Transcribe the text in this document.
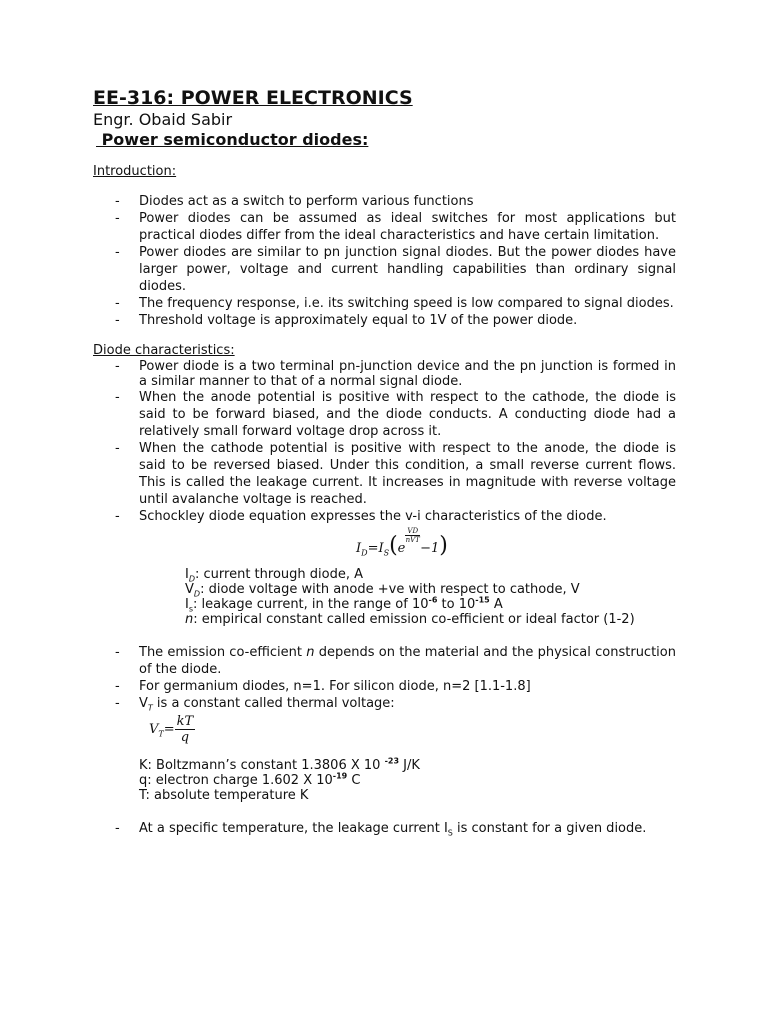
EE-316: POWER ELECTRONICS

Engr. Obaid Sabir

Power semiconductor diodes:

Introduction:

- Diodes act as a switch to perform various functions
- Power diodes can be assumed as ideal switches for most applications but practical diodes differ from the ideal characteristics and have certain limitation.
- Power diodes are similar to pn junction signal diodes. But the power diodes have larger power, voltage and current handling capabilities than ordinary signal diodes.
- The frequency response, i.e. its switching speed is low compared to signal diodes.
- Threshold voltage is approximately equal to 1V of the power diode.

Diode characteristics:

- Power diode is a two terminal pn-junction device and the pn junction is formed in a similar manner to that of a normal signal diode.
- When the anode potential is positive with respect to the cathode, the diode is said to be forward biased, and the diode conducts. A conducting diode had a relatively small forward voltage drop across it.
- When the cathode potential is positive with respect to the anode, the diode is said to be reversed biased. Under this condition, a small reverse current flows. This is called the leakage current. It increases in magnitude with reverse voltage until avalanche voltage is reached.
- Schockley diode equation expresses the v-i characteristics of the diode.
$I_D=I_S(e$
$\frac{VD}{\text{nVT}}$
−1)
$I_D$: current through diode, A
$V_D$: diode voltage with anode +ve with respect to cathode, V
$I_s$: leakage current, in the range of $10^{-6}$ to $10^{-15}$ A
n: empirical constant called emission co-efficient or ideal factor (1-2)
- The emission co-efficient n depends on the material and the physical construction of the diode.
- For germanium diodes, n=1. For silicon diode, n=2 [1.1-1.8]
- $V_T$ is a constant called thermal voltage:
$V_T= \frac{kT}{q}$
K: Boltzmann’s constant 1.3806 X 10 $^{-23}$ J/K
q: electron charge 1.602 X $10^{-19}$ C
T: absolute temperature K
- At a specific temperature, the leakage current $I_S$ is constant for a given diode.
